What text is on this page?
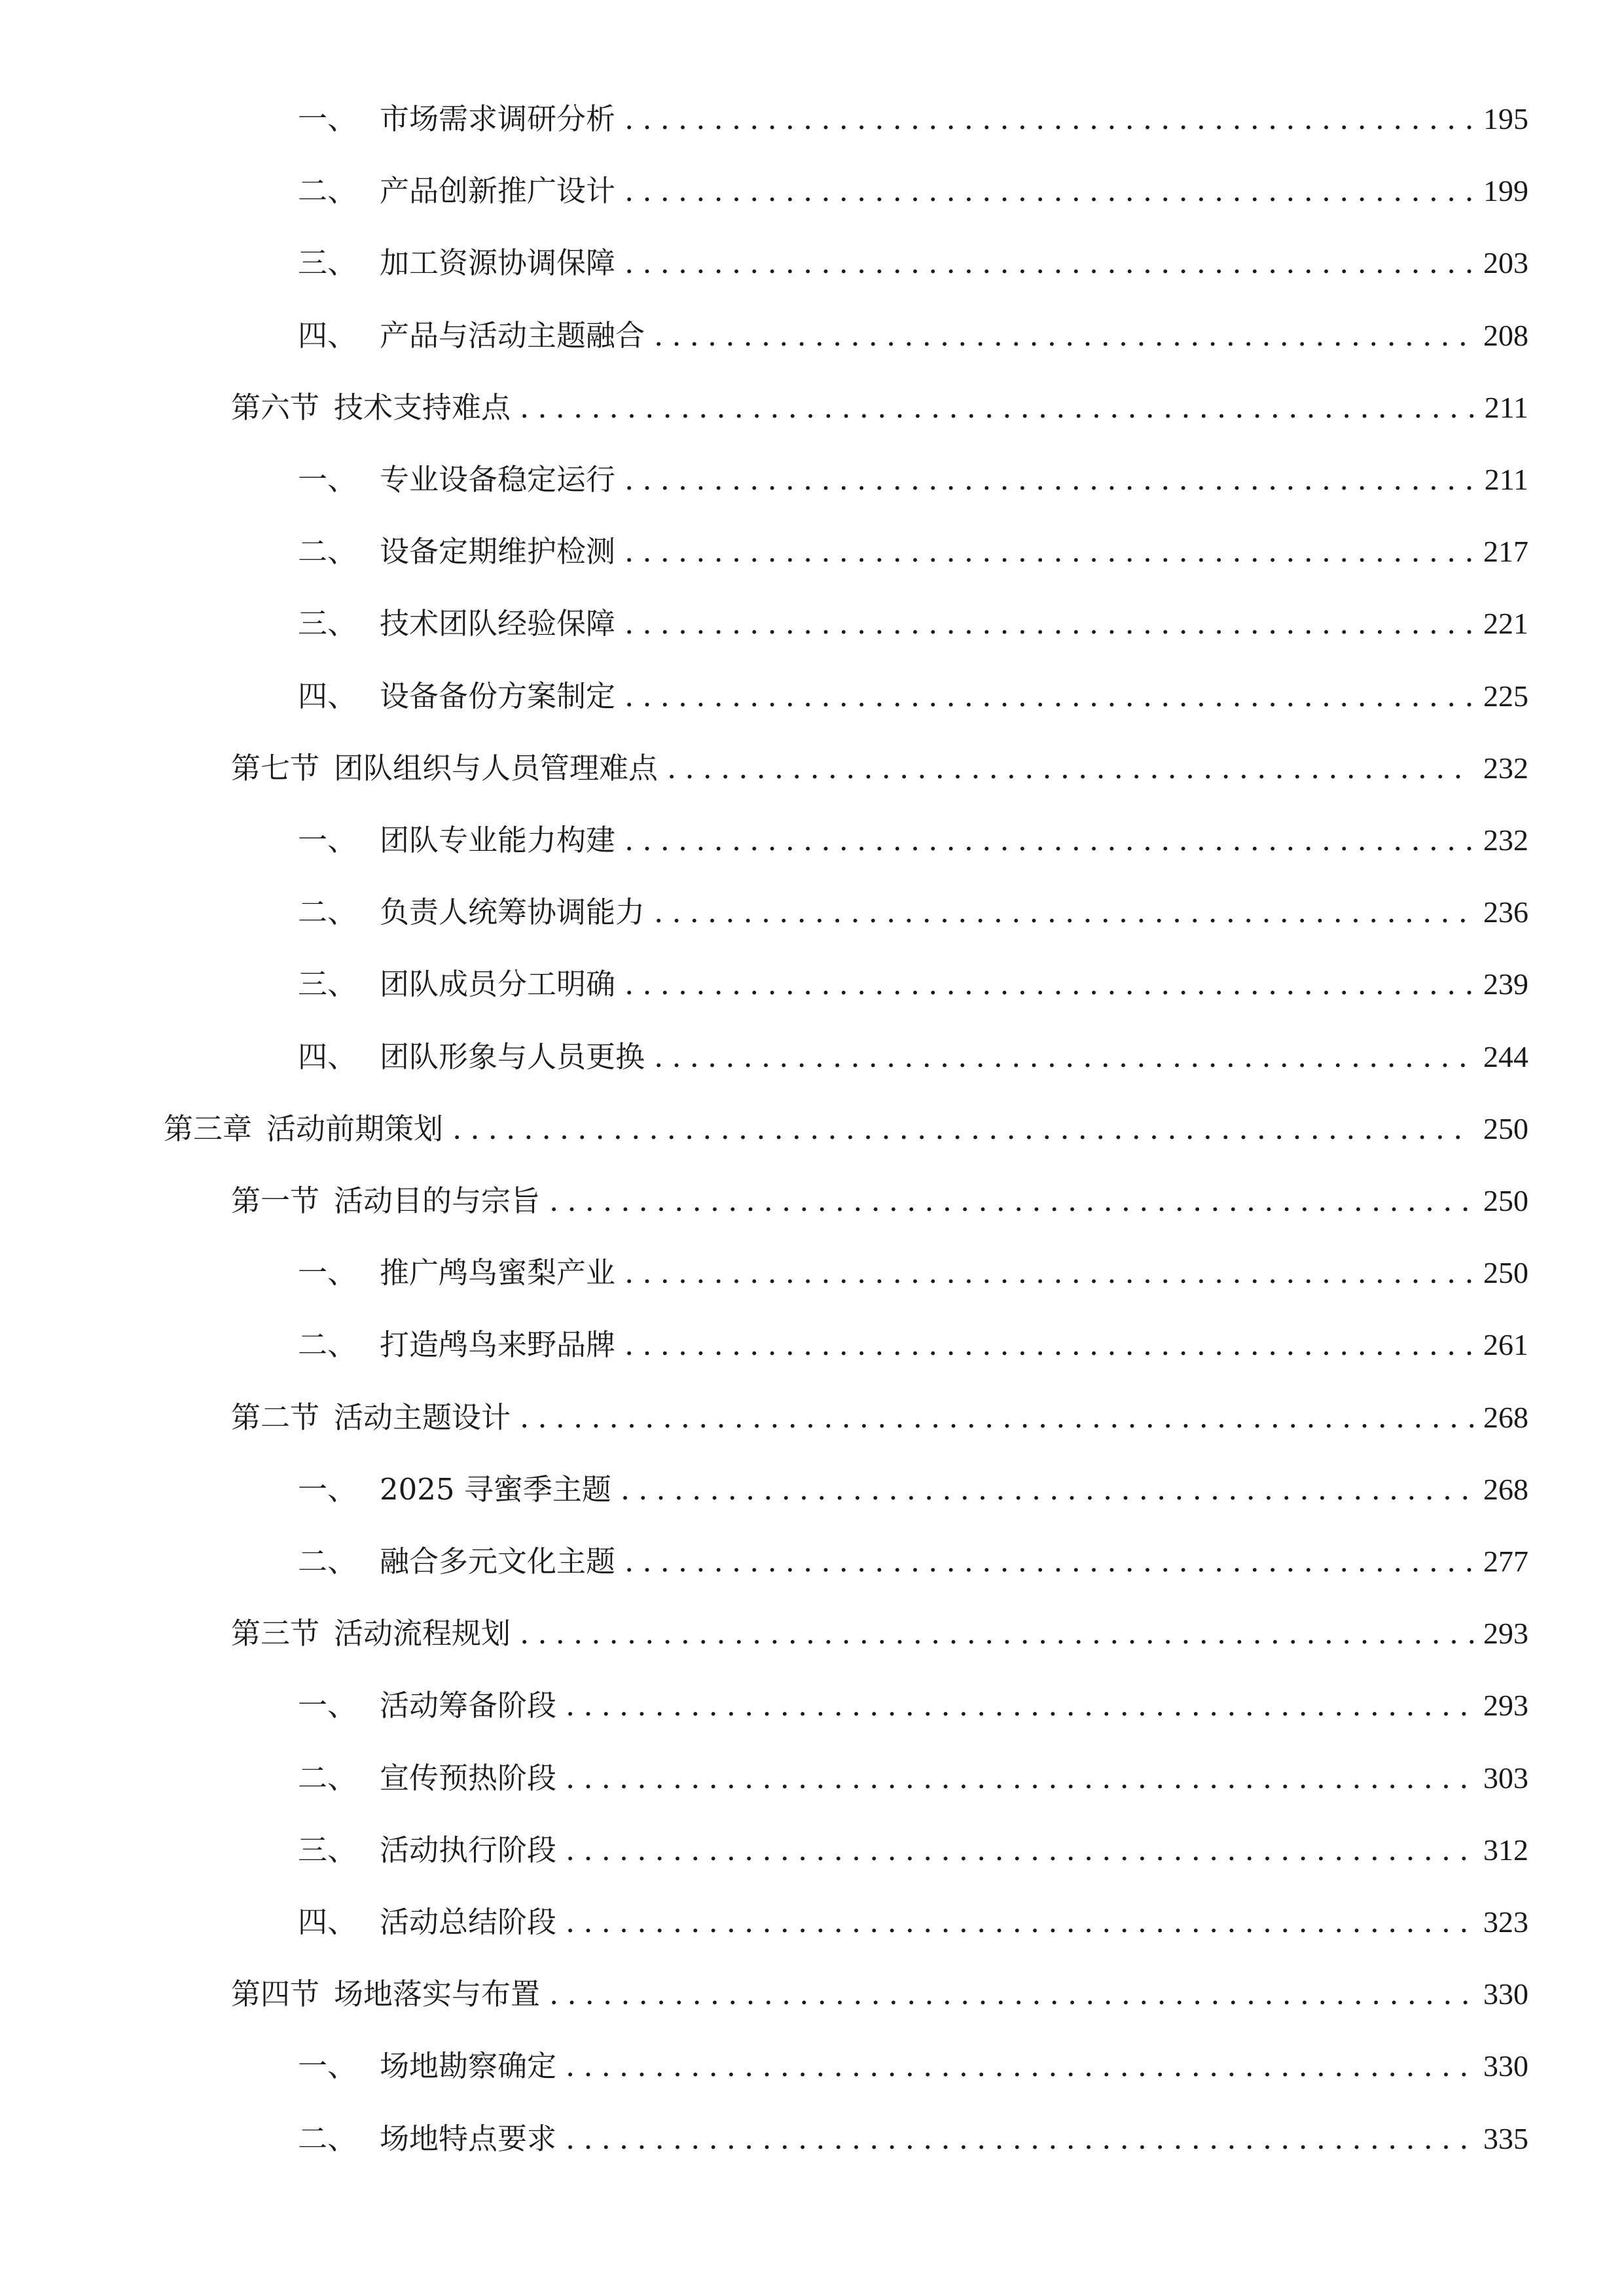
一、 市场需求调研分析 .....	195
二、 产品创新推广设计 .....	199
三、 加工资源协调保障 .....	203
四、 产品与活动主题融合 .....	208
第六节 技术支持难点 .....	211
一、 专业设备稳定运行 .....	211
二、 设备定期维护检测 .....	217
三、 技术团队经验保障 .....	221
四、 设备备份方案制定 .....	225
第七节 团队组织与人员管理难点 .....	232
一、 团队专业能力构建 .....	232
二、 负责人统筹协调能力 .....	236
三、 团队成员分工明确 .....	239
四、 团队形象与人员更换 .....	244
第三章 活动前期策划 .....	250
第一节 活动目的与宗旨 .....	250
一、 推广鸬鸟蜜梨产业 .....	250
二、 打造鸬鸟来野品牌 .....	261
第二节 活动主题设计 .....	268
一、 2025 寻蜜季主题 .....	268
二、 融合多元文化主题 .....	277
第三节 活动流程规划 .....	293
一、 活动筹备阶段 .....	293
二、 宣传预热阶段 .....	303
三、 活动执行阶段 .....	312
四、 活动总结阶段 .....	323
第四节 场地落实与布置 .....	330
一、 场地勘察确定 .....	330
二、 场地特点要求 .....	335
